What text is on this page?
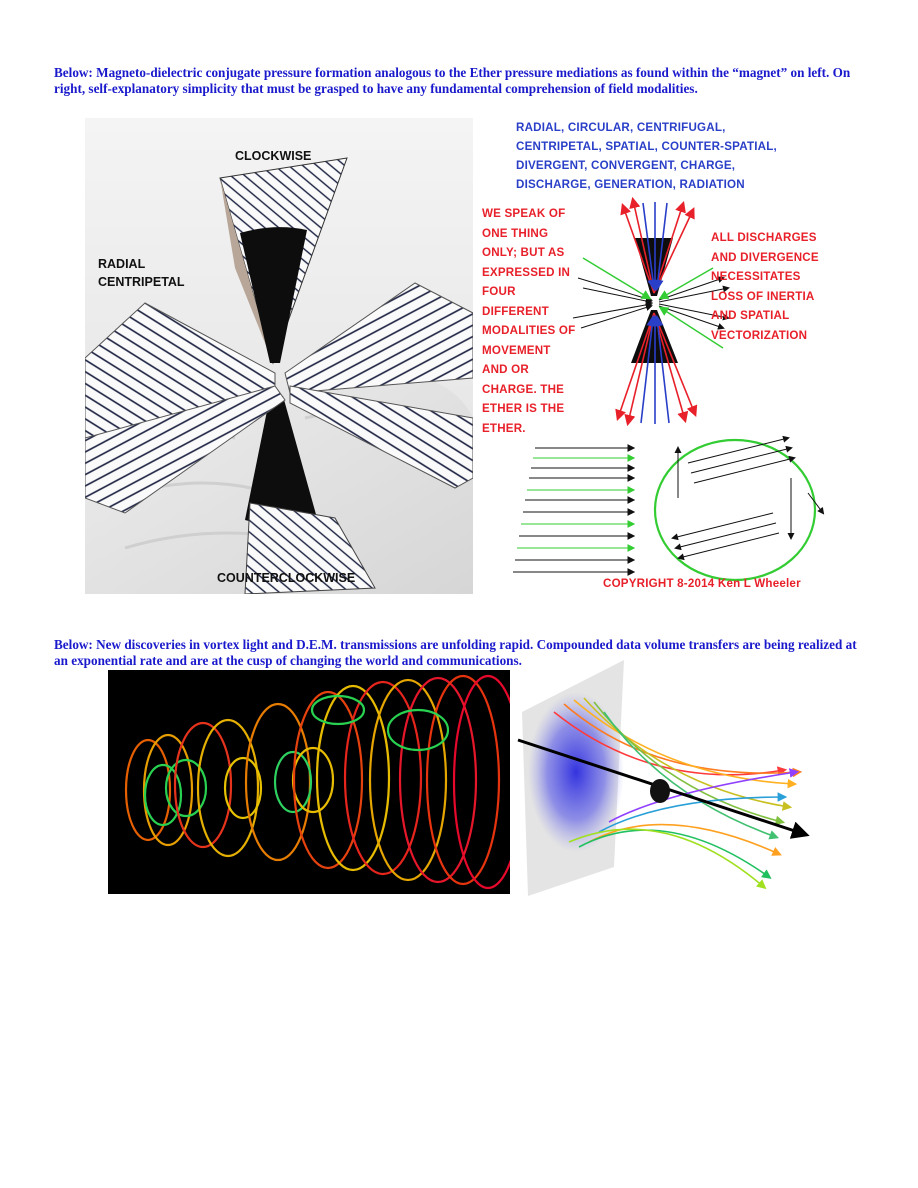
Below: Magneto-dielectric conjugate pressure formation analogous to the Ether pressure mediations as found within the “magnet” on left. On right, self-explanatory simplicity that must be grasped to have any fundamental comprehension of field modalities.
Below: New discoveries in vortex light and D.E.M. transmissions are unfolding rapid. Compounded data volume transfers are being realized at an exponential rate and are at the cusp of changing the world and communications.
CLOCKWISE
RADIAL
CENTRIPETAL
COUNTERCLOCKWISE
RADIAL, CIRCULAR, CENTRIFUGAL,
CENTRIPETAL, SPATIAL, COUNTER-SPATIAL,
DIVERGENT, CONVERGENT, CHARGE,
DISCHARGE, GENERATION, RADIATION
WE SPEAK OF
ONE THING
ONLY; BUT AS
EXPRESSED IN
FOUR
DIFFERENT
MODALITIES OF
MOVEMENT
AND OR
CHARGE. THE
ETHER IS THE
ETHER.
ALL DISCHARGES
AND DIVERGENCE
NECESSITATES
LOSS OF INERTIA
AND SPATIAL
VECTORIZATION
COPYRIGHT 8-2014 Ken L Wheeler
